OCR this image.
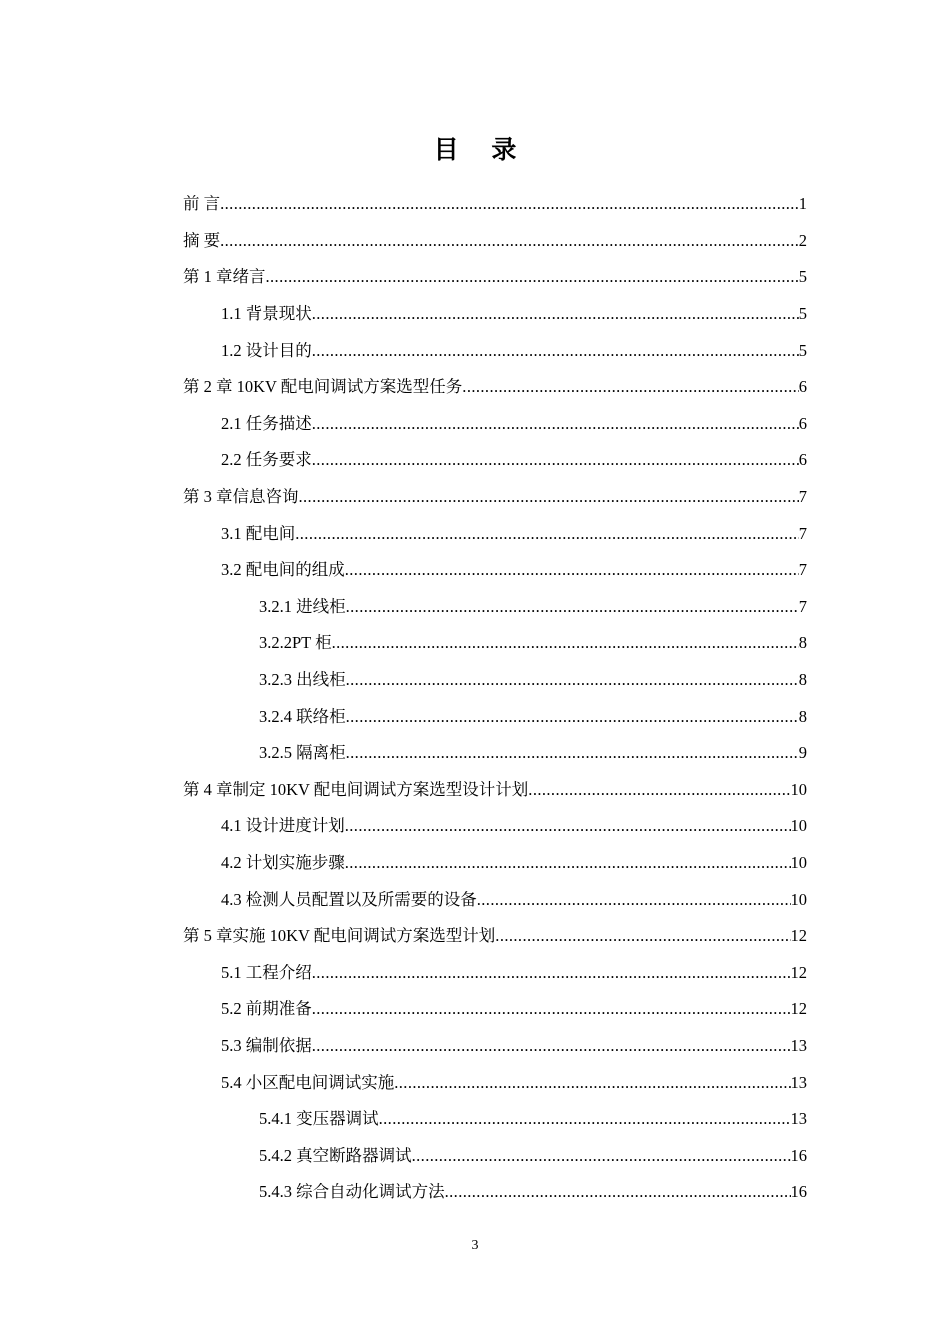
目 录
前 言 .....	1
摘 要 .....	2
第 1 章绪言 .....	5
1.1 背景现状 .....	5
1.2 设计目的 .....	5
第 2 章 10KV 配电间调试方案选型任务 .....	6
2.1 任务描述 .....	6
2.2 任务要求 .....	6
第 3 章信息咨询 .....	7
3.1 配电间 .....	7
3.2 配电间的组成 .....	7
3.2.1 进线柜 .....	7
3.2.2PT 柜 .....	8
3.2.3 出线柜 .....	8
3.2.4 联络柜 .....	8
3.2.5 隔离柜 .....	9
第 4 章制定 10KV 配电间调试方案选型设计计划 .....	10
4.1 设计进度计划 .....	10
4.2 计划实施步骤 .....	10
4.3 检测人员配置以及所需要的设备 .....	10
第 5 章实施 10KV 配电间调试方案选型计划 .....	12
5.1 工程介绍 .....	12
5.2 前期准备 .....	12
5.3 编制依据 .....	13
5.4 小区配电间调试实施 .....	13
5.4.1 变压器调试 .....	13
5.4.2 真空断路器调试 .....	16
5.4.3 综合自动化调试方法 .....	16
3
